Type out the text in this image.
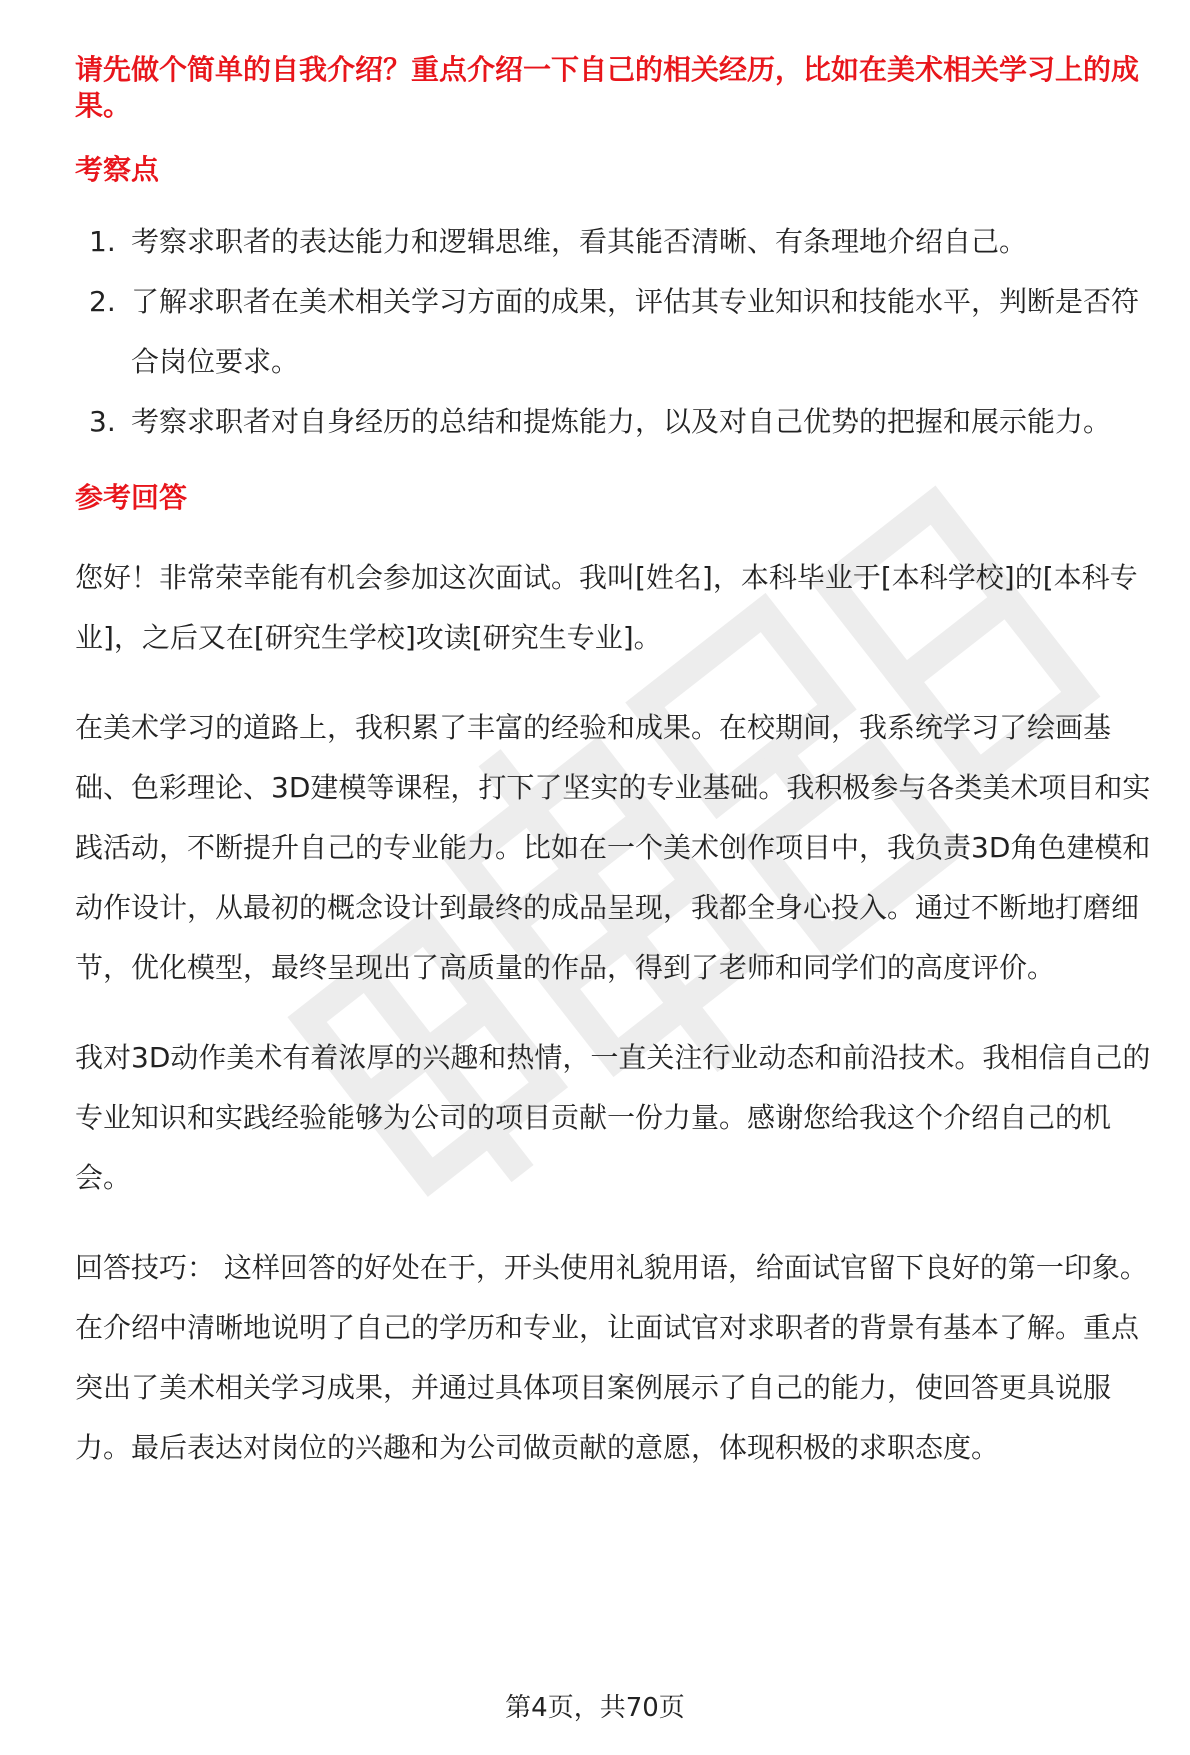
请先做个简单的自我介绍？重点介绍一下自己的相关经历，比如在美术相关学习上的成果。

考察点
1. 考察求职者的表达能力和逻辑思维，看其能否清晰、有条理地介绍自己。
2. 了解求职者在美术相关学习方面的成果，评估其专业知识和技能水平，判断是否符合岗位要求。
3. 考察求职者对自身经历的总结和提炼能力，以及对自己优势的把握和展示能力。
参考回答

您好！非常荣幸能有机会参加这次面试。我叫[姓名]，本科毕业于[本科学校]的[本科专业]，之后又在[研究生学校]攻读[研究生专业]。

在美术学习的道路上，我积累了丰富的经验和成果。在校期间，我系统学习了绘画基础、色彩理论、3D建模等课程，打下了坚实的专业基础。我积极参与各类美术项目和实践活动，不断提升自己的专业能力。比如在一个美术创作项目中，我负责3D角色建模和动作设计，从最初的概念设计到最终的成品呈现，我都全身心投入。通过不断地打磨细节，优化模型，最终呈现出了高质量的作品，得到了老师和同学们的高度评价。

我对3D动作美术有着浓厚的兴趣和热情，一直关注行业动态和前沿技术。我相信自己的专业知识和实践经验能够为公司的项目贡献一份力量。感谢您给我这个介绍自己的机会。

回答技巧： 这样回答的好处在于，开头使用礼貌用语，给面试官留下良好的第一印象。在介绍中清晰地说明了自己的学历和专业，让面试官对求职者的背景有基本了解。重点突出了美术相关学习成果，并通过具体项目案例展示了自己的能力，使回答更具说服力。最后表达对岗位的兴趣和为公司做贡献的意愿，体现积极的求职态度。

第4页，共70页
